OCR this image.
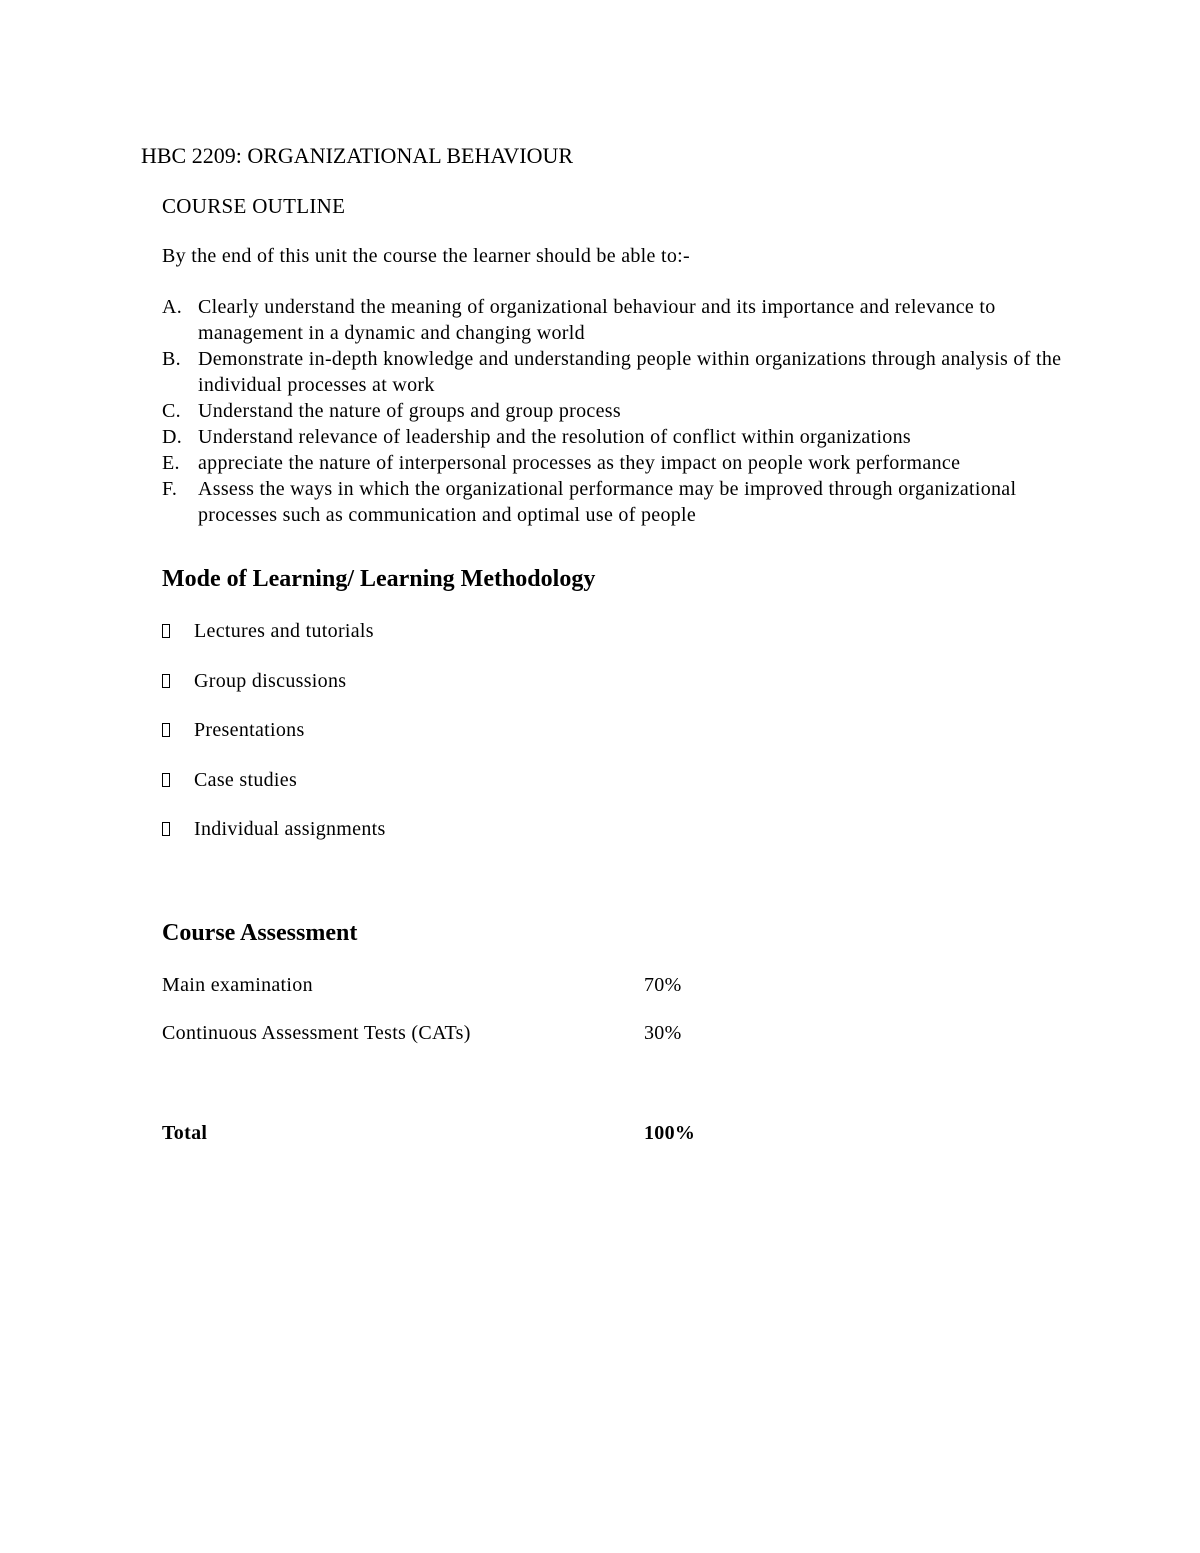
HBC 2209: ORGANIZATIONAL BEHAVIOUR
COURSE OUTLINE
By the end of this unit the course the learner should be able to:-
A. Clearly understand the meaning of organizational behaviour and its importance and relevance to management in a dynamic and changing world
B. Demonstrate in-depth knowledge and understanding people within organizations through analysis of the individual processes at work
C. Understand the nature of groups and group process
D. Understand relevance of leadership and the resolution of conflict within organizations
E. appreciate the nature of interpersonal processes as they impact on people work performance
F. Assess the ways in which the organizational performance may be improved through organizational processes such as communication and optimal use of people
Mode of Learning/ Learning Methodology
Lectures and tutorials
Group discussions
Presentations
Case studies
Individual assignments
Course Assessment
Main examination	70%
Continuous Assessment Tests (CATs)	30%
Total	100%
